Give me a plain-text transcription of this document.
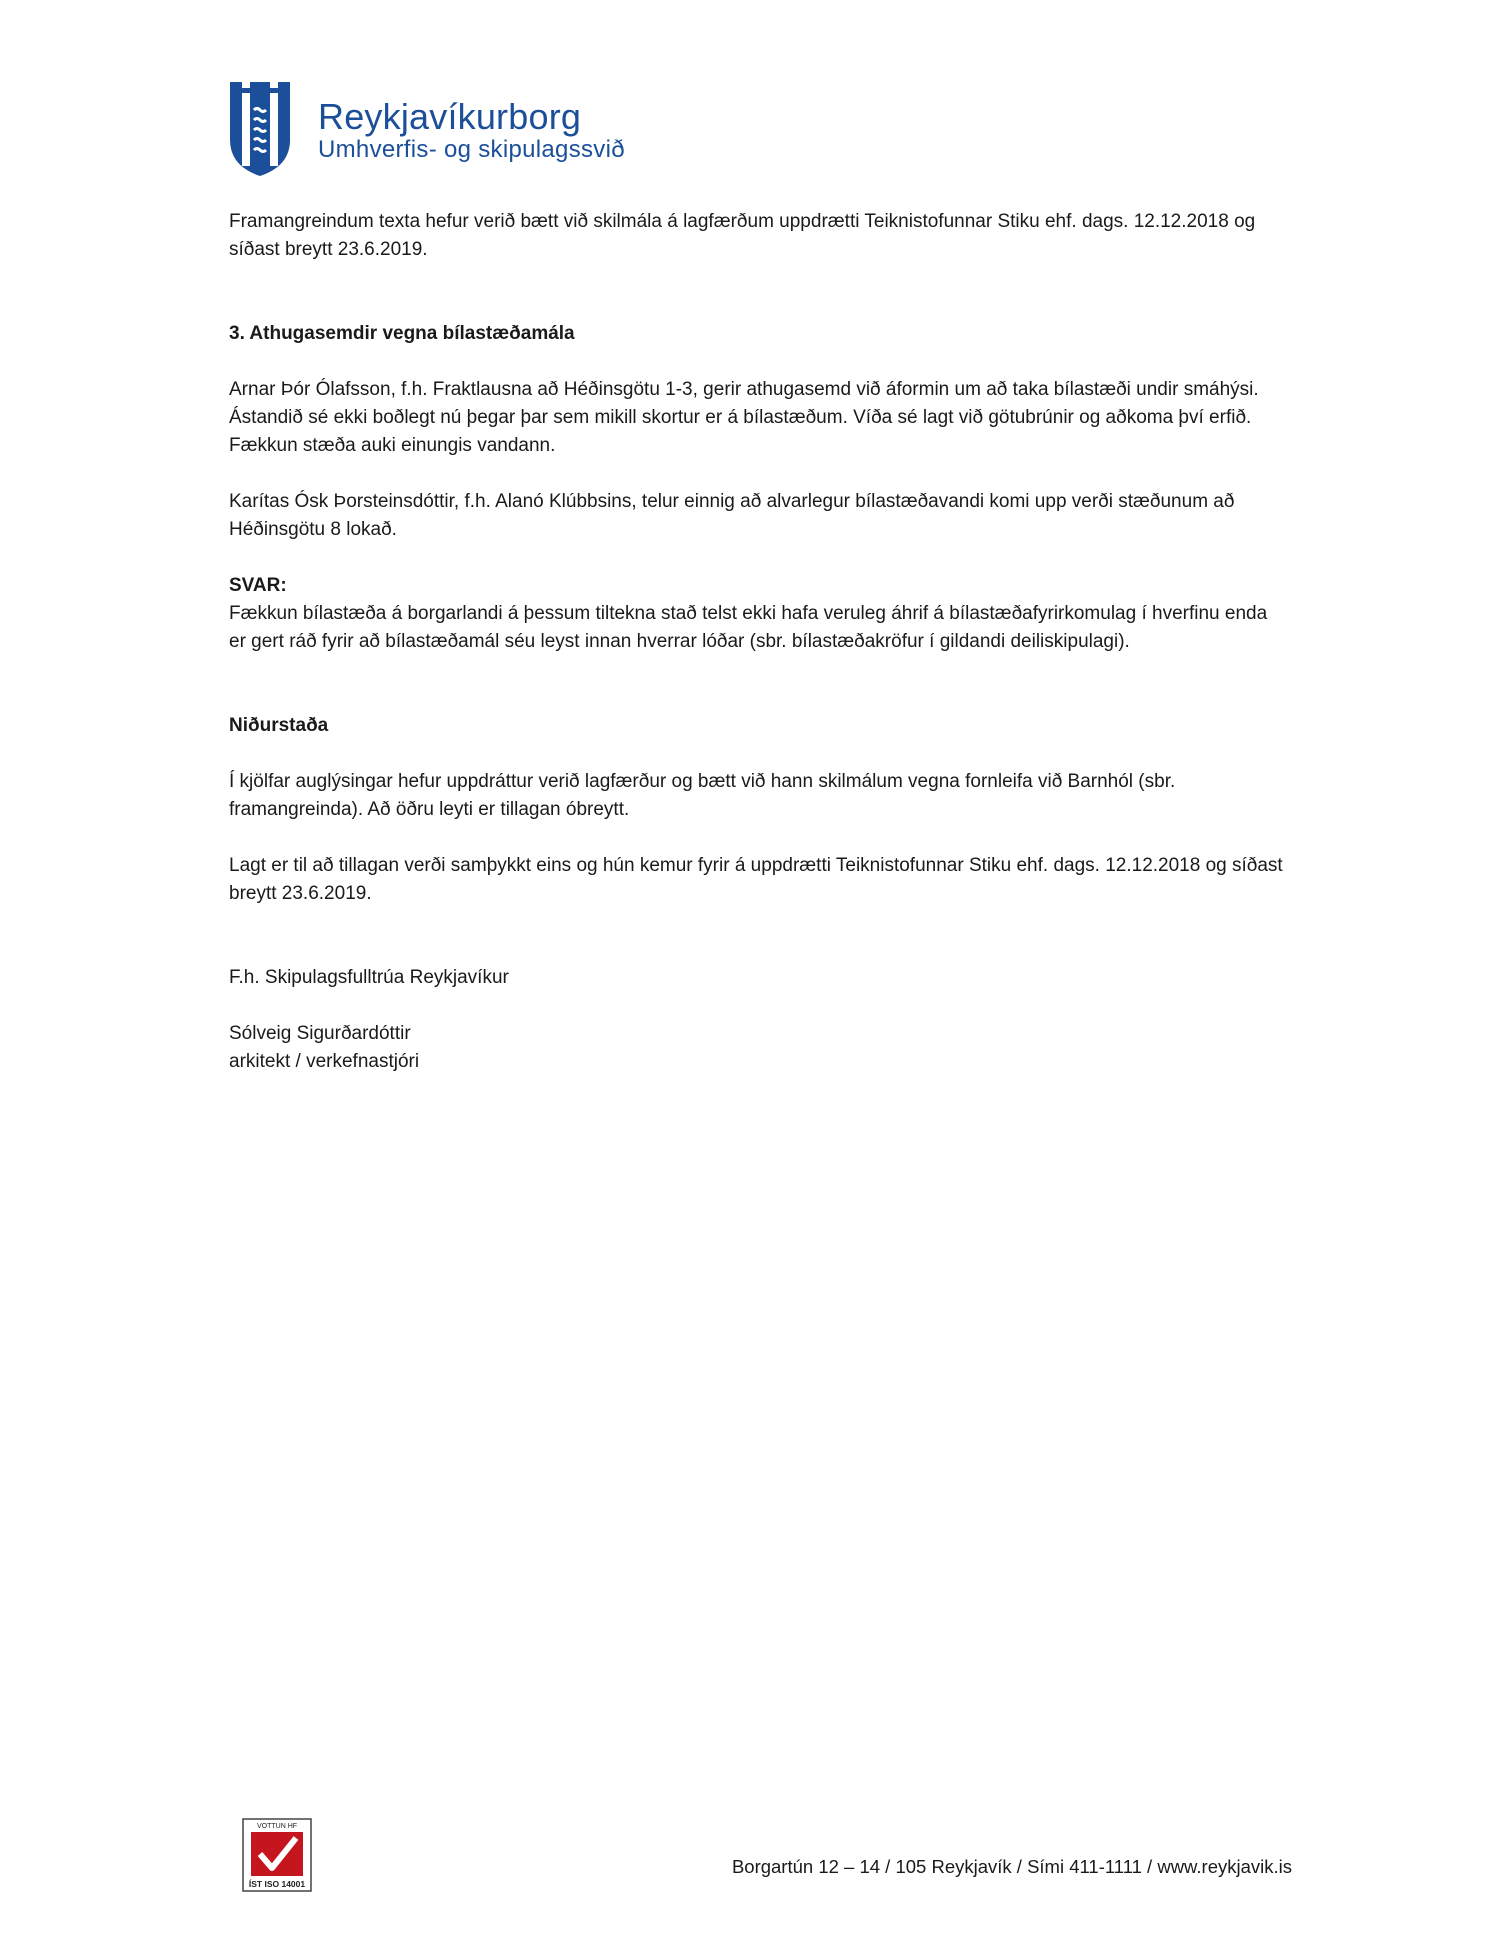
Reykjavíkurborg
Umhverfis- og skipulagssvið

Framangreindum texta hefur verið bætt við skilmála á lagfærðum uppdrætti Teiknistofunnar Stiku ehf. dags. 12.12.2018 og síðast breytt 23.6.2019.

3. Athugasemdir vegna bílastæðamála

Arnar Þór Ólafsson, f.h. Fraktlausna að Héðinsgötu 1-3, gerir athugasemd við áformin um að taka bílastæði undir smáhýsi. Ástandið sé ekki boðlegt nú þegar þar sem mikill skortur er á bílastæðum. Víða sé lagt við götubrúnir og aðkoma því erfið. Fækkun stæða auki einungis vandann.

Karítas Ósk Þorsteinsdóttir, f.h. Alanó Klúbbsins, telur einnig að alvarlegur bílastæðavandi komi upp verði stæðunum að Héðinsgötu 8 lokað.

SVAR:

Fækkun bílastæða á borgarlandi á þessum tiltekna stað telst ekki hafa veruleg áhrif á bílastæðafyrirkomulag í hverfinu enda er gert ráð fyrir að bílastæðamál séu leyst innan hverrar lóðar (sbr. bílastæðakröfur í gildandi deiliskipulagi).

Niðurstaða

Í kjölfar auglýsingar hefur uppdráttur verið lagfærður og bætt við hann skilmálum vegna fornleifa við Barnhól (sbr. framangreinda). Að öðru leyti er tillagan óbreytt.

Lagt er til að tillagan verði samþykkt eins og hún kemur fyrir á uppdrætti Teiknistofunnar Stiku ehf. dags. 12.12.2018 og síðast breytt 23.6.2019.

F.h. Skipulagsfulltrúa Reykjavíkur

Sólveig Sigurðardóttir

arkitekt / verkefnastjóri

VOTTUN HF
ÍST ISO 14001
Borgartún 12 – 14 / 105 Reykjavík / Sími 411-1111 / www.reykjavik.is
